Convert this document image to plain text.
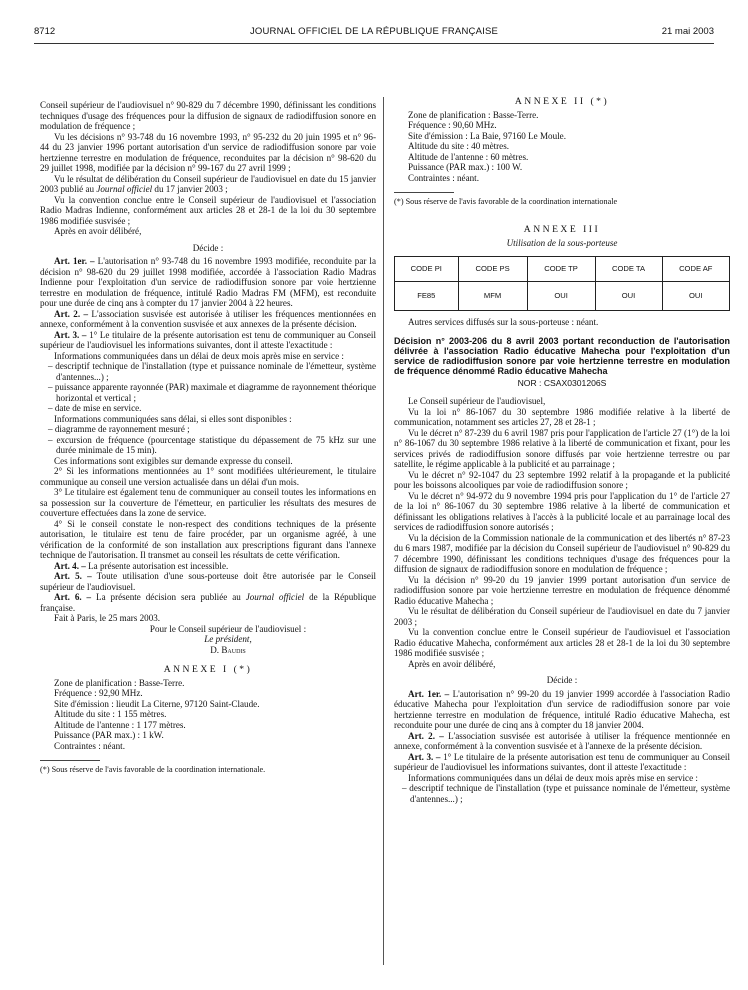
8712	JOURNAL OFFICIEL DE LA RÉPUBLIQUE FRANÇAISE	21 mai 2003

Conseil supérieur de l'audiovisuel n° 90-829 du 7 décembre 1990, définissant les conditions techniques d'usage des fréquences pour la diffusion de signaux de radiodiffusion sonore en modulation de fréquence ;

Vu les décisions n° 93-748 du 16 novembre 1993, n° 95-232 du 20 juin 1995 et n° 96-44 du 23 janvier 1996 portant autorisation d'un service de radiodiffusion sonore par voie hertzienne terrestre en modulation de fréquence, reconduites par la décision n° 98-620 du 29 juillet 1998, modifiée par la décision n° 99-167 du 27 avril 1999 ;

Vu le résultat de délibération du Conseil supérieur de l'audiovisuel en date du 15 janvier 2003 publié au Journal officiel du 17 janvier 2003 ;

Vu la convention conclue entre le Conseil supérieur de l'audiovisuel et l'association Radio Madras Indienne, conformément aux articles 28 et 28-1 de la loi du 30 septembre 1986 modifiée susvisée ;

Après en avoir délibéré,

Décide :

Art. 1er. – L'autorisation n° 93-748 du 16 novembre 1993 modifiée, reconduite par la décision n° 98-620 du 29 juillet 1998 modifiée, accordée à l'association Radio Madras Indienne pour l'exploitation d'un service de radiodiffusion sonore par voie hertzienne terrestre en modulation de fréquence, intitulé Radio Madras FM (MFM), est reconduite pour une durée de cinq ans à compter du 17 janvier 2004 à 22 heures.

Art. 2. – L'association susvisée est autorisée à utiliser les fréquences mentionnées en annexe, conformément à la convention susvisée et aux annexes de la présente décision.

Art. 3. – 1° Le titulaire de la présente autorisation est tenu de communiquer au Conseil supérieur de l'audiovisuel les informations suivantes, dont il atteste l'exactitude :

Informations communiquées dans un délai de deux mois après mise en service :

– descriptif technique de l'installation (type et puissance nominale de l'émetteur, système d'antennes...) ;

– puissance apparente rayonnée (PAR) maximale et diagramme de rayonnement théorique horizontal et vertical ;

– date de mise en service.

Informations communiquées sans délai, si elles sont disponibles :

– diagramme de rayonnement mesuré ;

– excursion de fréquence (pourcentage statistique du dépassement de 75 kHz sur une durée minimale de 15 min).

Ces informations sont exigibles sur demande expresse du conseil.

2° Si les informations mentionnées au 1° sont modifiées ultérieurement, le titulaire communique au conseil une version actualisée dans un délai d'un mois.

3° Le titulaire est également tenu de communiquer au conseil toutes les informations en sa possession sur la couverture de l'émetteur, en particulier les résultats des mesures de couverture effectuées dans la zone de service.

4° Si le conseil constate le non-respect des conditions techniques de la présente autorisation, le titulaire est tenu de faire procéder, par un organisme agréé, à une vérification de la conformité de son installation aux prescriptions figurant dans l'annexe technique de l'autorisation. Il transmet au conseil les résultats de cette vérification.

Art. 4. – La présente autorisation est incessible.

Art. 5. – Toute utilisation d'une sous-porteuse doit être autorisée par le Conseil supérieur de l'audiovisuel.

Art. 6. – La présente décision sera publiée au Journal officiel de la République française.

Fait à Paris, le 25 mars 2003.

Pour le Conseil supérieur de l'audiovisuel :

Le président,

D. Baudis

ANNEXE I (*)

Zone de planification : Basse-Terre.

Fréquence : 92,90 MHz.

Site d'émission : lieudit La Citerne, 97120 Saint-Claude.

Altitude du site : 1 155 mètres.

Altitude de l'antenne : 1 177 mètres.

Puissance (PAR max.) : 1 kW.

Contraintes : néant.

(*) Sous réserve de l'avis favorable de la coordination internationale.

ANNEXE II (*)

Zone de planification : Basse-Terre.

Fréquence : 90,60 MHz.

Site d'émission : La Baie, 97160 Le Moule.

Altitude du site : 40 mètres.

Altitude de l'antenne : 60 mètres.

Puissance (PAR max.) : 100 W.

Contraintes : néant.

(*) Sous réserve de l'avis favorable de la coordination internationale

ANNEXE III

Utilisation de la sous-porteuse

CODE PI	CODE PS	CODE TP	CODE TA	CODE AF
FE85	MFM	OUI	OUI	OUI

Autres services diffusés sur la sous-porteuse : néant.

Décision n° 2003-206 du 8 avril 2003 portant reconduction de l'autorisation délivrée à l'association Radio éducative Mahecha pour l'exploitation d'un service de radiodiffusion sonore par voie hertzienne terrestre en modulation de fréquence dénommé Radio éducative Mahecha

NOR : CSAX0301206S

Le Conseil supérieur de l'audiovisuel,

Vu la loi n° 86-1067 du 30 septembre 1986 modifiée relative à la liberté de communication, notamment ses articles 27, 28 et 28-1 ;

Vu le décret n° 87-239 du 6 avril 1987 pris pour l'application de l'article 27 (1°) de la loi n° 86-1067 du 30 septembre 1986 relative à la liberté de communication et fixant, pour les services privés de radiodiffusion sonore diffusés par voie hertzienne terrestre ou par satellite, le régime applicable à la publicité et au parrainage ;

Vu le décret n° 92-1047 du 23 septembre 1992 relatif à la propagande et la publicité pour les boissons alcooliques par voie de radiodiffusion sonore ;

Vu le décret n° 94-972 du 9 novembre 1994 pris pour l'application du 1° de l'article 27 de la loi n° 86-1067 du 30 septembre 1986 relative à la liberté de communication et définissant les obligations relatives à l'accès à la publicité locale et au parrainage local des services de radiodiffusion sonore autorisés ;

Vu la décision de la Commission nationale de la communication et des libertés n° 87-23 du 6 mars 1987, modifiée par la décision du Conseil supérieur de l'audiovisuel n° 90-829 du 7 décembre 1990, définissant les conditions techniques d'usage des fréquences pour la diffusion de signaux de radiodiffusion sonore en modulation de fréquence ;

Vu la décision n° 99-20 du 19 janvier 1999 portant autorisation d'un service de radiodiffusion sonore par voie hertzienne terrestre en modulation de fréquence dénommé Radio éducative Mahecha ;

Vu le résultat de délibération du Conseil supérieur de l'audiovisuel en date du 7 janvier 2003 ;

Vu la convention conclue entre le Conseil supérieur de l'audiovisuel et l'association Radio éducative Mahecha, conformément aux articles 28 et 28-1 de la loi du 30 septembre 1986 modifiée susvisée ;

Après en avoir délibéré,

Décide :

Art. 1er. – L'autorisation n° 99-20 du 19 janvier 1999 accordée à l'association Radio éducative Mahecha pour l'exploitation d'un service de radiodiffusion sonore par voie hertzienne terrestre en modulation de fréquence, intitulé Radio éducative Mahecha, est reconduite pour une durée de cinq ans à compter du 18 janvier 2004.

Art. 2. – L'association susvisée est autorisée à utiliser la fréquence mentionnée en annexe, conformément à la convention susvisée et à l'annexe de la présente décision.

Art. 3. – 1° Le titulaire de la présente autorisation est tenu de communiquer au Conseil supérieur de l'audiovisuel les informations suivantes, dont il atteste l'exactitude :

Informations communiquées dans un délai de deux mois après mise en service :

– descriptif technique de l'installation (type et puissance nominale de l'émetteur, système d'antennes...) ;
